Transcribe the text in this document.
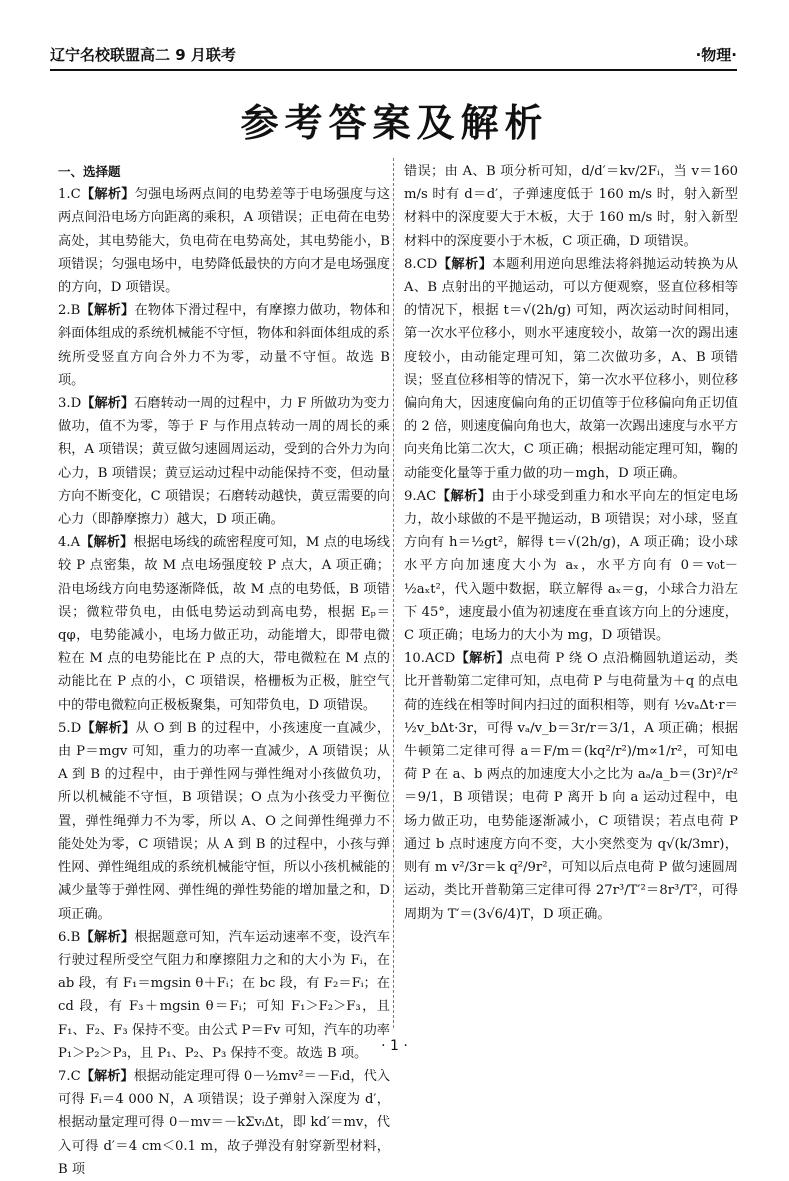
辽宁名校联盟高二 9 月联考	·物理·
参考答案及解析
一、选择题

1.C【解析】匀强电场两点间的电势差等于电场强度与这两点间沿电场方向距离的乘积，A 项错误；正电荷在电势高处，其电势能大，负电荷在电势高处，其电势能小，B 项错误；匀强电场中，电势降低最快的方向才是电场强度的方向，D 项错误。

2.B【解析】在物体下滑过程中，有摩擦力做功，物体和斜面体组成的系统机械能不守恒，物体和斜面体组成的系统所受竖直方向合外力不为零，动量不守恒。故选 B 项。

3.D【解析】石磨转动一周的过程中，力 F 所做功为变力做功，值不为零，等于 F 与作用点转动一周的周长的乘积，A 项错误；黄豆做匀速圆周运动，受到的合外力为向心力，B 项错误；黄豆运动过程中动能保持不变，但动量方向不断变化，C 项错误；石磨转动越快，黄豆需要的向心力（即静摩擦力）越大，D 项正确。

4.A【解析】根据电场线的疏密程度可知，M 点的电场线较 P 点密集，故 M 点电场强度较 P 点大，A 项正确；沿电场线方向电势逐渐降低，故 M 点的电势低，B 项错误；微粒带负电，由低电势运动到高电势，根据 Eₚ＝qφ，电势能减小，电场力做正功，动能增大，即带电微粒在 M 点的电势能比在 P 点的大，带电微粒在 M 点的动能比在 P 点的小，C 项错误，格栅板为正极，脏空气中的带电微粒向正极板聚集，可知带负电，D 项错误。

5.D【解析】从 O 到 B 的过程中，小孩速度一直减少，由 P＝mgv 可知，重力的功率一直减少，A 项错误；从 A 到 B 的过程中，由于弹性网与弹性绳对小孩做负功，所以机械能不守恒，B 项错误；O 点为小孩受力平衡位置，弹性绳弹力不为零，所以 A、O 之间弹性绳弹力不能处处为零，C 项错误；从 A 到 B 的过程中，小孩与弹性网、弹性绳组成的系统机械能守恒，所以小孩机械能的减少量等于弹性网、弹性绳的弹性势能的增加量之和，D 项正确。

6.B【解析】根据题意可知，汽车运动速率不变，设汽车行驶过程所受空气阻力和摩擦阻力之和的大小为 Fᵢ，在 ab 段，有 F₁＝mgsin θ＋Fᵢ；在 bc 段，有 F₂＝Fᵢ；在 cd 段，有 F₃＋mgsin θ＝Fᵢ；可知 F₁＞F₂＞F₃，且 F₁、F₂、F₃ 保持不变。由公式 P＝Fv 可知，汽车的功率 P₁＞P₂＞P₃，且 P₁、P₂、P₃ 保持不变。故选 B 项。

7.C【解析】根据动能定理可得 0－½mv²＝－Fᵢd，代入可得 Fᵢ＝4 000 N，A 项错误；设子弹射入深度为 d′，根据动量定理可得 0－mv＝－kΣvᵢΔt，即 kd′＝mv，代入可得 d′＝4 cm＜0.1 m，故子弹没有射穿新型材料，B 项

错误；由 A、B 项分析可知，d/d′＝kv/2Fᵢ，当 v＝160 m/s 时有 d＝d′，子弹速度低于 160 m/s 时，射入新型材料中的深度要大于木板，大于 160 m/s 时，射入新型材料中的深度要小于木板，C 项正确，D 项错误。

8.CD【解析】本题利用逆向思维法将斜抛运动转换为从 A、B 点射出的平抛运动，可以方便观察，竖直位移相等的情况下，根据 t＝√(2h/g) 可知，两次运动时间相同，第一次水平位移小，则水平速度较小，故第一次的踢出速度较小，由动能定理可知，第二次做功多，A、B 项错误；竖直位移相等的情况下，第一次水平位移小，则位移偏向角大，因速度偏向角的正切值等于位移偏向角正切值的 2 倍，则速度偏向角也大，故第一次踢出速度与水平方向夹角比第二次大，C 项正确；根据动能定理可知，鞠的动能变化量等于重力做的功－mgh，D 项正确。

9.AC【解析】由于小球受到重力和水平向左的恒定电场力，故小球做的不是平抛运动，B 项错误；对小球，竖直方向有 h＝½gt²，解得 t＝√(2h/g)，A 项正确；设小球水平方向加速度大小为 aₓ，水平方向有 0＝v₀t－½aₓt²，代入题中数据，联立解得 aₓ＝g，小球合力沿左下 45°，速度最小值为初速度在垂直该方向上的分速度，C 项正确；电场力的大小为 mg，D 项错误。

10.ACD【解析】点电荷 P 绕 O 点沿椭圆轨道运动，类比开普勒第二定律可知，点电荷 P 与电荷量为＋q 的点电荷的连线在相等时间内扫过的面积相等，则有 ½vₐΔt·r＝½v_bΔt·3r，可得 vₐ/v_b＝3r/r＝3/1，A 项正确；根据牛顿第二定律可得 a＝F/m＝(kq²/r²)/m∝1/r²，可知电荷 P 在 a、b 两点的加速度大小之比为 aₐ/a_b＝(3r)²/r²＝9/1，B 项错误；电荷 P 离开 b 向 a 运动过程中，电场力做正功，电势能逐渐减小，C 项错误；若点电荷 P 通过 b 点时速度方向不变，大小突然变为 q√(k/3mr)，则有 m v²/3r＝k q²/9r²，可知以后点电荷 P 做匀速圆周运动，类比开普勒第三定律可得 27r³/T′²＝8r³/T²，可得周期为 T′＝(3√6/4)T，D 项正确。

· 1 ·
